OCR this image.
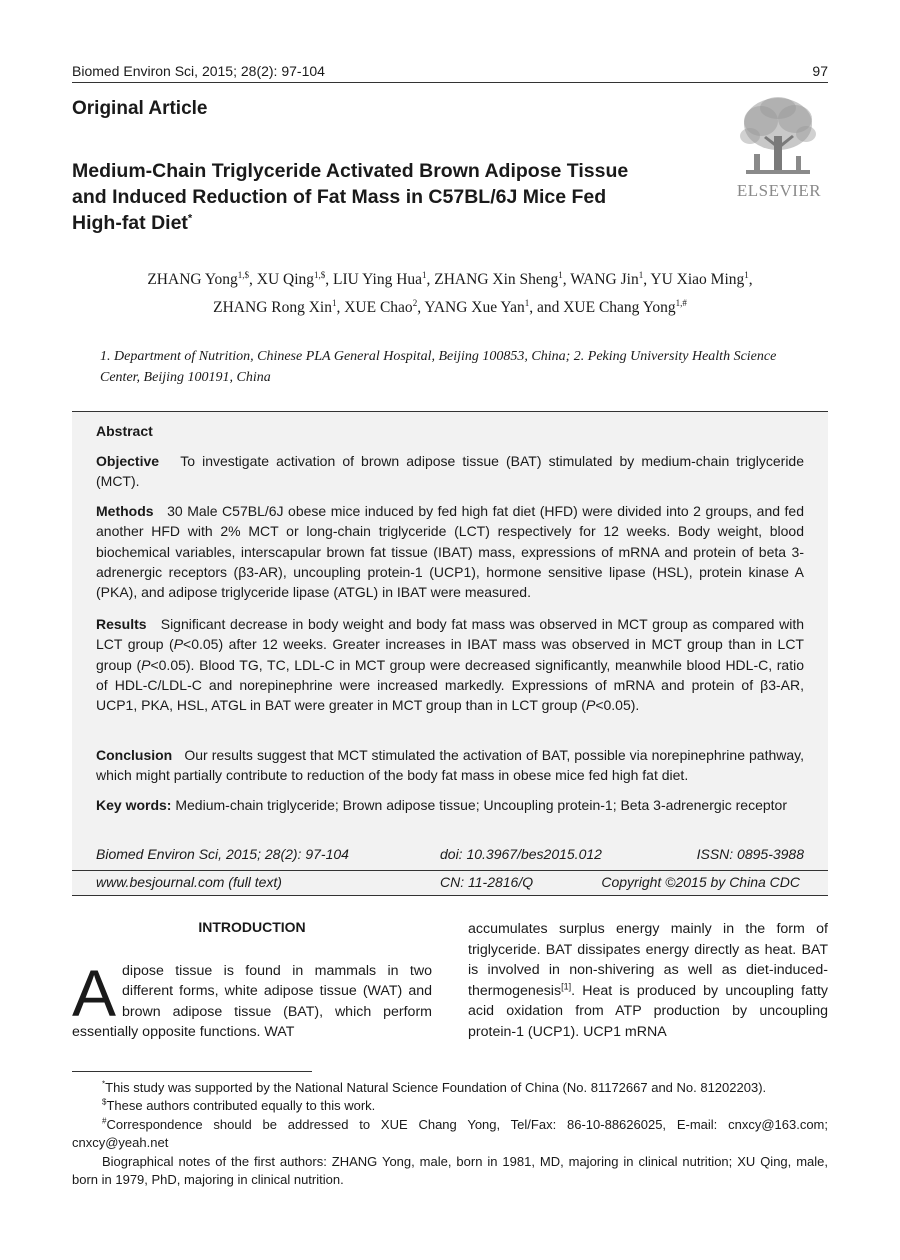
Biomed Environ Sci, 2015; 28(2): 97-104	97
Original Article
Medium-Chain Triglyceride Activated Brown Adipose Tissue and Induced Reduction of Fat Mass in C57BL/6J Mice Fed High-fat Diet*
ELSEVIER
ZHANG Yong$^{1,\$}$, XU Qing$^{1,\$}$, LIU Ying Hua$^1$, ZHANG Xin Sheng$^1$, WANG Jin$^1$, YU Xiao Ming$^1$,
ZHANG Rong Xin$^1$, XUE Chao$^2$, YANG Xue Yan$^1$, and XUE Chang Yong$^{1,\#}$
1. Department of Nutrition, Chinese PLA General Hospital, Beijing 100853, China; 2. Peking University Health Science Center, Beijing 100191, China
Abstract

Objective To investigate activation of brown adipose tissue (BAT) stimulated by medium-chain triglyceride (MCT).

Methods 30 Male C57BL/6J obese mice induced by fed high fat diet (HFD) were divided into 2 groups, and fed another HFD with 2% MCT or long-chain triglyceride (LCT) respectively for 12 weeks. Body weight, blood biochemical variables, interscapular brown fat tissue (IBAT) mass, expressions of mRNA and protein of beta 3-adrenergic receptors (β3-AR), uncoupling protein-1 (UCP1), hormone sensitive lipase (HSL), protein kinase A (PKA), and adipose triglyceride lipase (ATGL) in IBAT were measured.

Results Significant decrease in body weight and body fat mass was observed in MCT group as compared with LCT group (P<0.05) after 12 weeks. Greater increases in IBAT mass was observed in MCT group than in LCT group (P<0.05). Blood TG, TC, LDL-C in MCT group were decreased significantly, meanwhile blood HDL-C, ratio of HDL-C/LDL-C and norepinephrine were increased markedly. Expressions of mRNA and protein of β3-AR, UCP1, PKA, HSL, ATGL in BAT were greater in MCT group than in LCT group (P<0.05).

Conclusion Our results suggest that MCT stimulated the activation of BAT, possible via norepinephrine pathway, which might partially contribute to reduction of the body fat mass in obese mice fed high fat diet.

Key words: Medium-chain triglyceride; Brown adipose tissue; Uncoupling protein-1; Beta 3-adrenergic receptor

Biomed Environ Sci, 2015; 28(2): 97-104	doi: 10.3967/bes2015.012	ISSN: 0895-3988
www.besjournal.com (full text)	CN: 11-2816/Q	Copyright ©2015 by China CDC
INTRODUCTION
Adipose tissue is found in mammals in two different forms, white adipose tissue (WAT) and brown adipose tissue (BAT), which perform essentially opposite functions. WAT
accumulates surplus energy mainly in the form of triglyceride. BAT dissipates energy directly as heat. BAT is involved in non-shivering as well as diet-induced-thermogenesis[1]. Heat is produced by uncoupling fatty acid oxidation from ATP production by uncoupling protein-1 (UCP1). UCP1 mRNA

*This study was supported by the National Natural Science Foundation of China (No. 81172667 and No. 81202203).

$These authors contributed equally to this work.

#Correspondence should be addressed to XUE Chang Yong, Tel/Fax: 86-10-88626025, E-mail: cnxcy@163.com; cnxcy@yeah.net

Biographical notes of the first authors: ZHANG Yong, male, born in 1981, MD, majoring in clinical nutrition; XU Qing, male, born in 1979, PhD, majoring in clinical nutrition.
